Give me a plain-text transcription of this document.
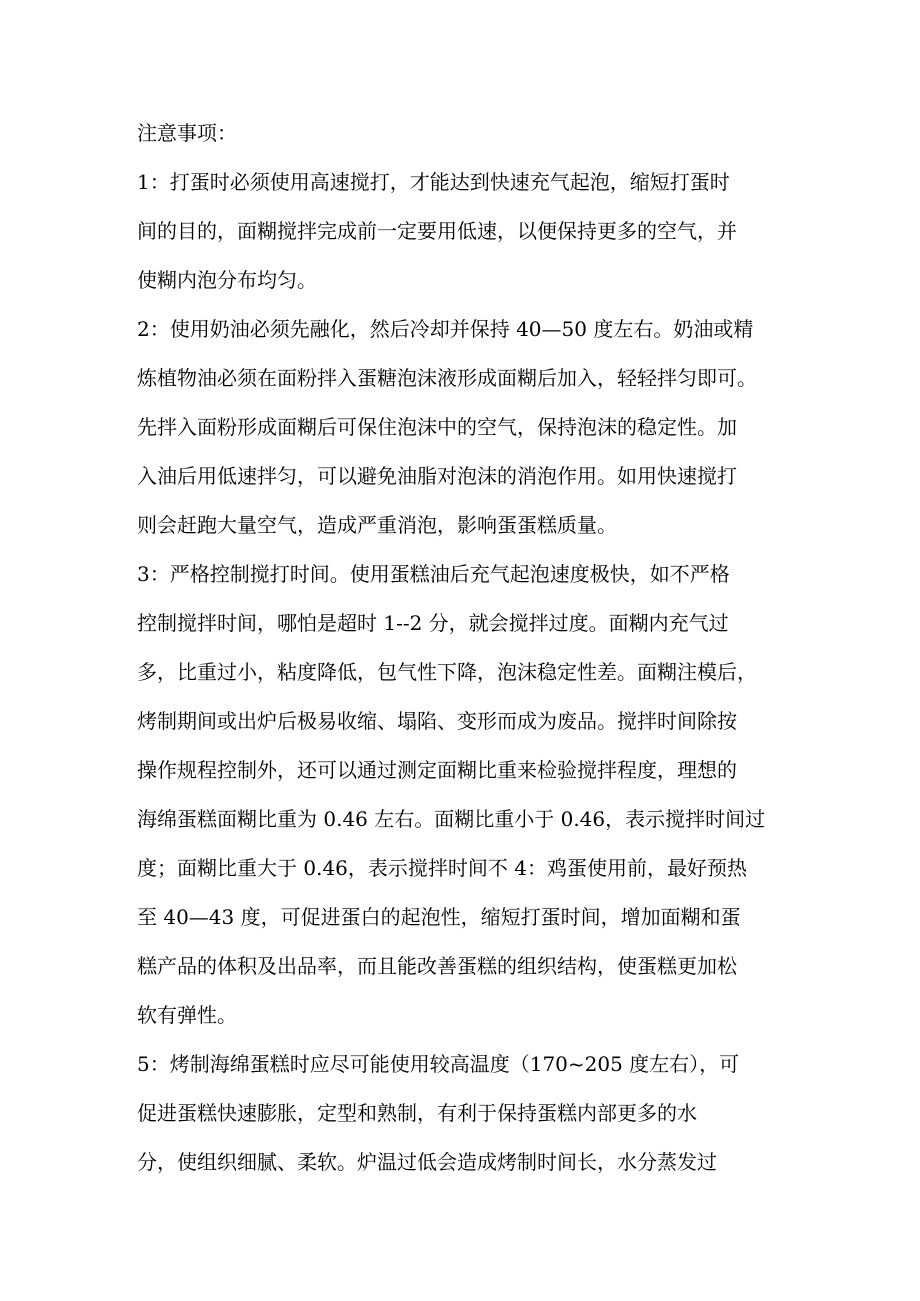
注意事项：
1：打蛋时必须使用高速搅打，才能达到快速充气起泡，缩短打蛋时
间的目的，面糊搅拌完成前一定要用低速，以便保持更多的空气，并
使糊内泡分布均匀。
2：使用奶油必须先融化，然后冷却并保持 40—50 度左右。奶油或精
炼植物油必须在面粉拌入蛋糖泡沫液形成面糊后加入，轻轻拌匀即可。
先拌入面粉形成面糊后可保住泡沫中的空气，保持泡沫的稳定性。加
入油后用低速拌匀，可以避免油脂对泡沫的消泡作用。如用快速搅打
则会赶跑大量空气，造成严重消泡，影响蛋蛋糕质量。
3：严格控制搅打时间。使用蛋糕油后充气起泡速度极快，如不严格
控制搅拌时间，哪怕是超时 1--2 分，就会搅拌过度。面糊内充气过
多，比重过小，粘度降低，包气性下降，泡沫稳定性差。面糊注模后，
烤制期间或出炉后极易收缩、塌陷、变形而成为废品。搅拌时间除按
操作规程控制外，还可以通过测定面糊比重来检验搅拌程度，理想的
海绵蛋糕面糊比重为 0.46 左右。面糊比重小于 0.46，表示搅拌时间过
度；面糊比重大于 0.46，表示搅拌时间不 4：鸡蛋使用前，最好预热
至 40—43 度，可促进蛋白的起泡性，缩短打蛋时间，增加面糊和蛋
糕产品的体积及出品率，而且能改善蛋糕的组织结构，使蛋糕更加松
软有弹性。
5：烤制海绵蛋糕时应尽可能使用较高温度（170~205 度左右），可
促进蛋糕快速膨胀，定型和熟制，有利于保持蛋糕内部更多的水
分，使组织细腻、柔软。炉温过低会造成烤制时间长，水分蒸发过
